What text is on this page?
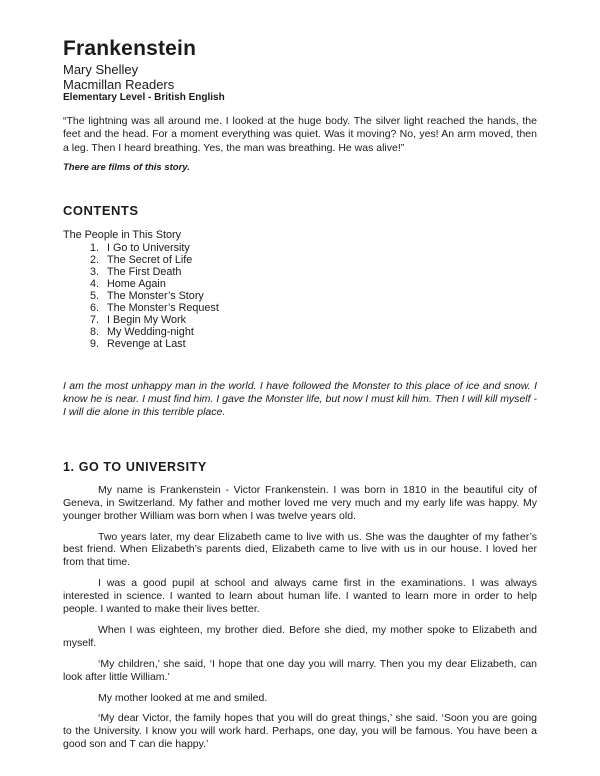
Frankenstein
Mary Shelley
Macmillan Readers
Elementary Level - British English
“The lightning was all around me. I looked at the huge body. The silver light reached the hands, the feet and the head. For a moment everything was quiet. Was it moving? No, yes! An arm moved, then a leg. Then I heard breathing. Yes, the man was breathing. He was alive!”
There are films of this story.
CONTENTS
The People in This Story
1. I Go to University
2. The Secret of Life
3. The First Death
4. Home Again
5. The Monster’s Story
6. The Monster’s Request
7. I Begin My Work
8. My Wedding-night
9. Revenge at Last
I am the most unhappy man in the world. I have followed the Monster to this place of ice and snow. I know he is near. I must find him. I gave the Monster life, but now I must kill him. Then I will kill myself - I will die alone in this terrible place.
1. GO TO UNIVERSITY

My name is Frankenstein - Victor Frankenstein. I was born in 1810 in the beautiful city of Geneva, in Switzerland. My father and mother loved me very much and my early life was happy. My younger brother William was born when I was twelve years old.

Two years later, my dear Elizabeth came to live with us. She was the daughter of my father’s best friend. When Elizabeth’s parents died, Elizabeth came to live with us in our house. I loved her from that time.

I was a good pupil at school and always came first in the examinations. I was always interested in science. I wanted to learn about human life. I wanted to learn more in order to help people. I wanted to make their lives better.

When I was eighteen, my brother died. Before she died, my mother spoke to Elizabeth and myself.

‘My children,’ she said, ‘I hope that one day you will marry. Then you my dear Elizabeth, can look after little William.’

My mother looked at me and smiled.

‘My dear Victor, the family hopes that you will do great things,’ she said. ‘Soon you are going to the University. I know you will work hard. Perhaps, one day, you will be famous. You have been a good son and T can die happy.’
